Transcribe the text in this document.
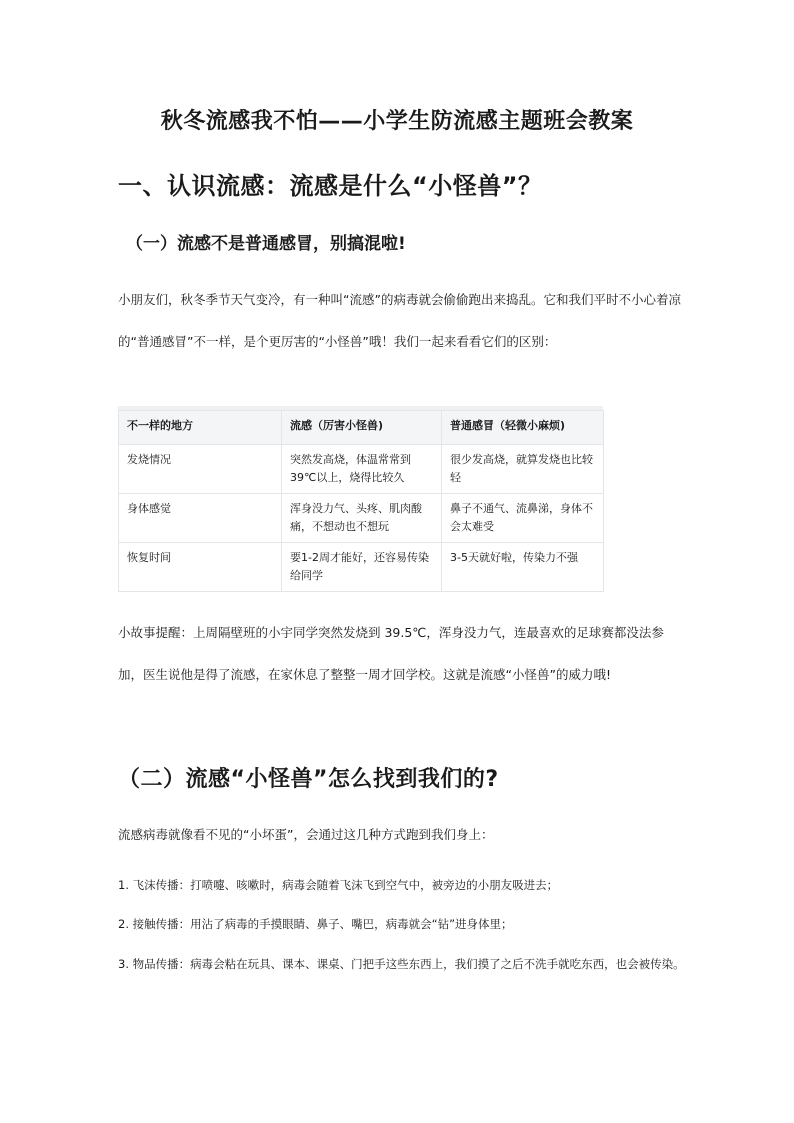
秋冬流感我不怕——小学生防流感主题班会教案
一、认识流感：流感是什么“小怪兽”？
（一）流感不是普通感冒，别搞混啦!
小朋友们，秋冬季节天气变冷，有一种叫“流感”的病毒就会偷偷跑出来捣乱。它和我们平时不小心着凉的“普通感冒”不一样，是个更厉害的“小怪兽”哦！我们一起来看看它们的区别：
不一样的地方	流感（厉害小怪兽)	普通感冒（轻微小麻烦)
发烧情况	突然发高烧，体温常常到39℃以上，烧得比较久	很少发高烧，就算发烧也比较轻
身体感觉	浑身没力气、头疼、肌肉酸痛，不想动也不想玩	鼻子不通气、流鼻涕，身体不会太难受
恢复时间	要1-2周才能好，还容易传染给同学	3-5天就好啦，传染力不强
小故事提醒：上周隔壁班的小宇同学突然发烧到 39.5℃，浑身没力气，连最喜欢的足球赛都没法参加，医生说他是得了流感，在家休息了整整一周才回学校。这就是流感“小怪兽”的威力哦!
（二）流感“小怪兽”怎么找到我们的?
流感病毒就像看不见的“小坏蛋”，会通过这几种方式跑到我们身上：
1. 飞沫传播：打喷嚏、咳嗽时，病毒会随着飞沫飞到空气中，被旁边的小朋友吸进去；
2. 接触传播：用沾了病毒的手摸眼睛、鼻子、嘴巴，病毒就会“钻”进身体里；
3. 物品传播：病毒会粘在玩具、课本、课桌、门把手这些东西上，我们摸了之后不洗手就吃东西，也会被传染。
